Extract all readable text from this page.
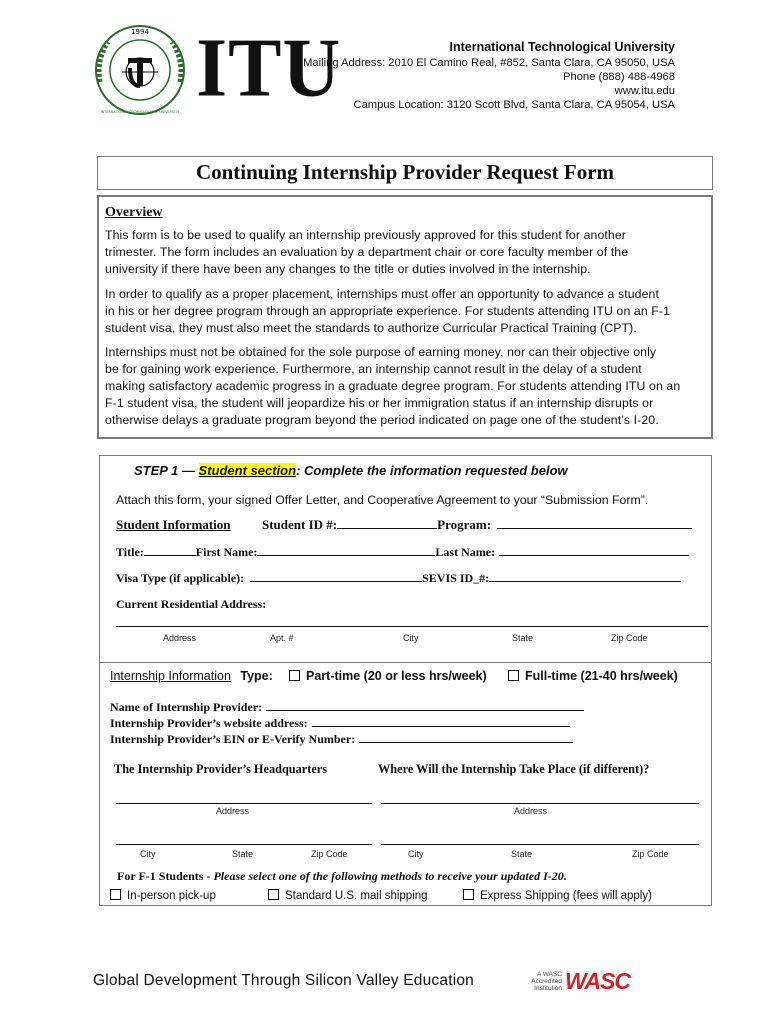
1994
INTERNATIONAL TECHNOLOGICAL UNIVERSITY ITU	International Technological University
Mailing Address: 2010 El Camino Real, #852, Santa Clara, CA 95050, USA
Phone (888) 488-4968
www.itu.edu
Campus Location: 3120 Scott Blvd, Santa Clara, CA 95054, USA
Continuing Internship Provider Request Form
Overview
This form is to be used to qualify an internship previously approved for this student for another
trimester. The form includes an evaluation by a department chair or core faculty member of the
university if there have been any changes to the title or duties involved in the internship.
In order to qualify as a proper placement, internships must offer an opportunity to advance a student
in his or her degree program through an appropriate experience. For students attending ITU on an F-1
student visa, they must also meet the standards to authorize Curricular Practical Training (CPT).
Internships must not be obtained for the sole purpose of earning money, nor can their objective only
be for gaining work experience. Furthermore, an internship cannot result in the delay of a student
making satisfactory academic progress in a graduate degree program. For students attending ITU on an
F-1 student visa, the student will jeopardize his or her immigration status if an internship disrupts or
otherwise delays a graduate program beyond the period indicated on page one of the student’s I-20.
STEP 1 — Student section: Complete the information requested below
Attach this form, your signed Offer Letter, and Cooperative Agreement to your “Submission Form”.
Student Information Student ID #:	Program:
Title:	First Name:	Last Name:
Visa Type (if applicable):	SEVIS ID_#:
Current Residential Address:
Address	Apt. #	City	State	Zip Code
Internship Information Type:	Part-time (20 or less hrs/week)	Full-time (21-40 hrs/week)
Name of Internship Provider:
Internship Provider’s website address:
Internship Provider’s EIN or E-Verify Number:
The Internship Provider’s Headquarters	Where Will the Internship Take Place (if different)?
Address	Address
City	State	Zip Code	City	State	Zip Code
For F-1 Students - Please select one of the following methods to receive your updated I-20.
In-person pick-up	Standard U.S. mail shipping	Express Shipping (fees will apply)
Global Development Through Silicon Valley Education	A WASC
Accredited
Institution WASC
